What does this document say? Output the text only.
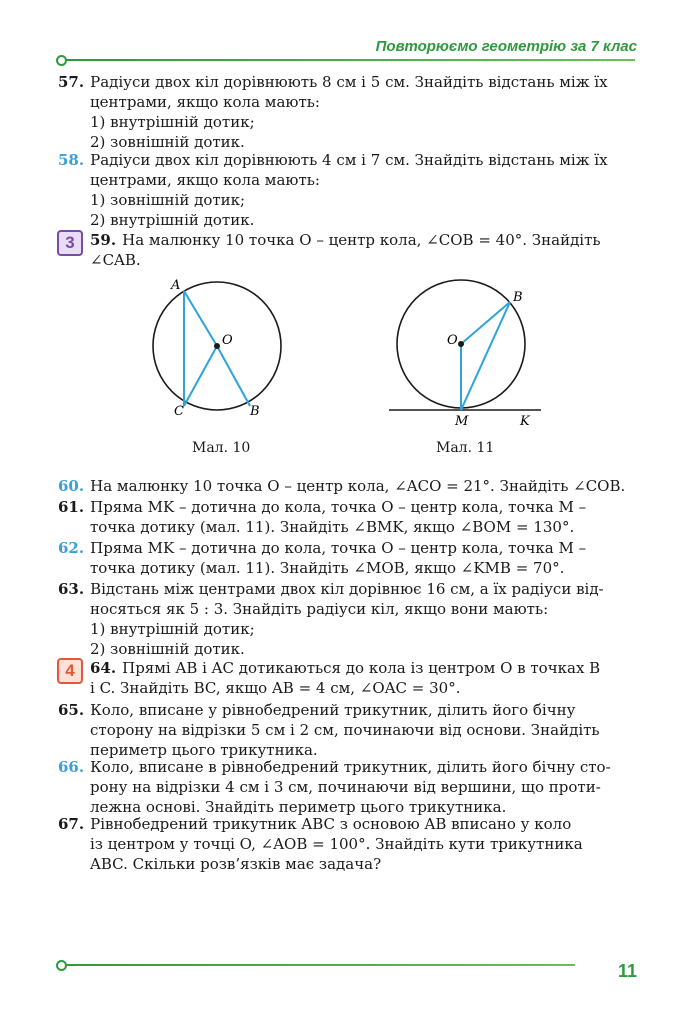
Повторюємо геометрію за 7 клас
57. Радіуси двох кіл дорівнюють 8 см і 5 см. Знайдіть відстань між їх
центрами, якщо кола мають:
1) внутрішній дотик;
2) зовнішній дотик.
58. Радіуси двох кіл дорівнюють 4 см і 7 см. Знайдіть відстань між їх
центрами, якщо кола мають:
1) зовнішній дотик;
2) внутрішній дотик.
3	59. На малюнку 10 точка O – центр кола, ∠COB = 40°. Знайдіть
∠CAB.
A
O
C	B
Мал. 10
B
O
M	K
Мал. 11
60. На малюнку 10 точка O – центр кола, ∠ACO = 21°. Знайдіть ∠COB.
61. Пряма MK – дотична до кола, точка O – центр кола, точка M –
точка дотику (мал. 11). Знайдіть ∠BMK, якщо ∠BOM = 130°.
62. Пряма MK – дотична до кола, точка O – центр кола, точка M –
точка дотику (мал. 11). Знайдіть ∠MOB, якщо ∠KMB = 70°.
63. Відстань між центрами двох кіл дорівнює 16 см, а їх радіуси від-
носяться як 5 : 3. Знайдіть радіуси кіл, якщо вони мають:
1) внутрішній дотик;
2) зовнішній дотик.
4	64. Прямі AB і AC дотикаються до кола із центром O в точках B
і C. Знайдіть BC, якщо AB = 4 см, ∠OAC = 30°.
65. Коло, вписане у рівнобедрений трикутник, ділить його бічну
сторону на відрізки 5 см і 2 см, починаючи від основи. Знайдіть
периметр цього трикутника.
66. Коло, вписане в рівнобедрений трикутник, ділить його бічну сто-
рону на відрізки 4 см і 3 см, починаючи від вершини, що проти-
лежна основі. Знайдіть периметр цього трикутника.
67. Рівнобедрений трикутник ABC з основою AB вписано у коло
із центром у точці O, ∠AOB = 100°. Знайдіть кути трикутника
ABC. Скільки розв’язків має задача?
11
